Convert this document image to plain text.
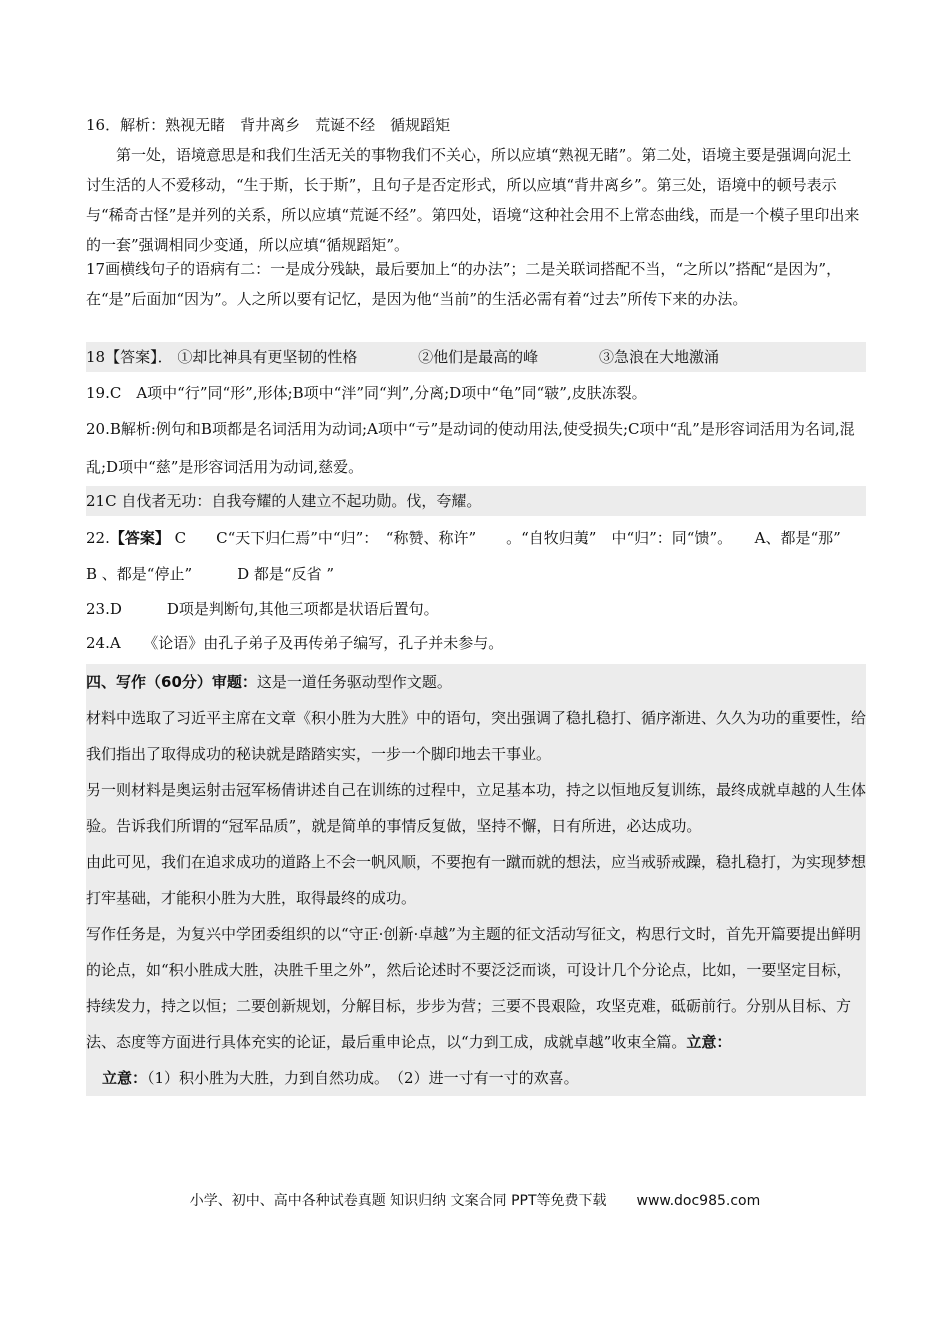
16．解析：熟视无睹　背井离乡　荒诞不经　循规蹈矩
第一处，语境意思是和我们生活无关的事物我们不关心，所以应填“熟视无睹”。第二处，语境主要是强调向泥土讨生活的人不爱移动，“生于斯，长于斯”，且句子是否定形式，所以应填“背井离乡”。第三处，语境中的顿号表示与“稀奇古怪”是并列的关系，所以应填“荒诞不经”。第四处，语境“这种社会用不上常态曲线，而是一个模子里印出来的一套”强调相同少变通，所以应填“循规蹈矩”。
17画横线句子的语病有二：一是成分残缺，最后要加上“的办法”；二是关联词搭配不当，“之所以”搭配“是因为”，在“是”后面加“因为”。人之所以要有记忆，是因为他“当前”的生活必需有着“过去”所传下来的办法。
18【答案】． ①却比神具有更坚韧的性格	②他们是最高的峰	③急浪在大地激涌
19.C　A项中“行”同“形”,形体;B项中“泮”同“判”,分离;D项中“龟”同“皲”,皮肤冻裂。
20.B解析:例句和B项都是名词活用为动词;A项中“亏”是动词的使动用法,使受损失;C项中“乱”是形容词活用为名词,混乱;D项中“慈”是形容词活用为动词,慈爱。
21C 自伐者无功：自我夸耀的人建立不起功勋。伐，夸耀。
22.【答案】 C　　C“天下归仁焉”中“归”：　“称赞、称许”　　。“自牧归荑”　中“归”：同“馈”。　　A、都是“那”　　B 、都是“停止”　　　D 都是“反省 ”
23.D　　　D项是判断句,其他三项都是状语后置句。
24.A　　《论语》由孔子弟子及再传弟子编写，孔子并未参与。
四、写作（60分）审题：这是一道任务驱动型作文题。
材料中选取了习近平主席在文章《积小胜为大胜》中的语句，突出强调了稳扎稳打、循序渐进、久久为功的重要性，给我们指出了取得成功的秘诀就是踏踏实实，一步一个脚印地去干事业。
另一则材料是奥运射击冠军杨倩讲述自己在训练的过程中，立足基本功，持之以恒地反复训练，最终成就卓越的人生体验。告诉我们所谓的“冠军品质”，就是简单的事情反复做，坚持不懈，日有所进，必达成功。
由此可见，我们在追求成功的道路上不会一帆风顺，不要抱有一蹴而就的想法，应当戒骄戒躁，稳扎稳打，为实现梦想打牢基础，才能积小胜为大胜，取得最终的成功。
写作任务是，为复兴中学团委组织的以“守正·创新·卓越”为主题的征文活动写征文，构思行文时，首先开篇要提出鲜明的论点，如“积小胜成大胜，决胜千里之外”，然后论述时不要泛泛而谈，可设计几个分论点，比如，一要坚定目标，持续发力，持之以恒；二要创新规划，分解目标，步步为营；三要不畏艰险，攻坚克难，砥砺前行。分别从目标、方法、态度等方面进行具体充实的论证，最后重申论点，以“力到工成，成就卓越”收束全篇。立意：
立意：（1）积小胜为大胜，力到自然功成。　（2）进一寸有一寸的欢喜。
小学、初中、高中各种试卷真题 知识归纳 文案合同 PPT等免费下载 www.doc985.com
